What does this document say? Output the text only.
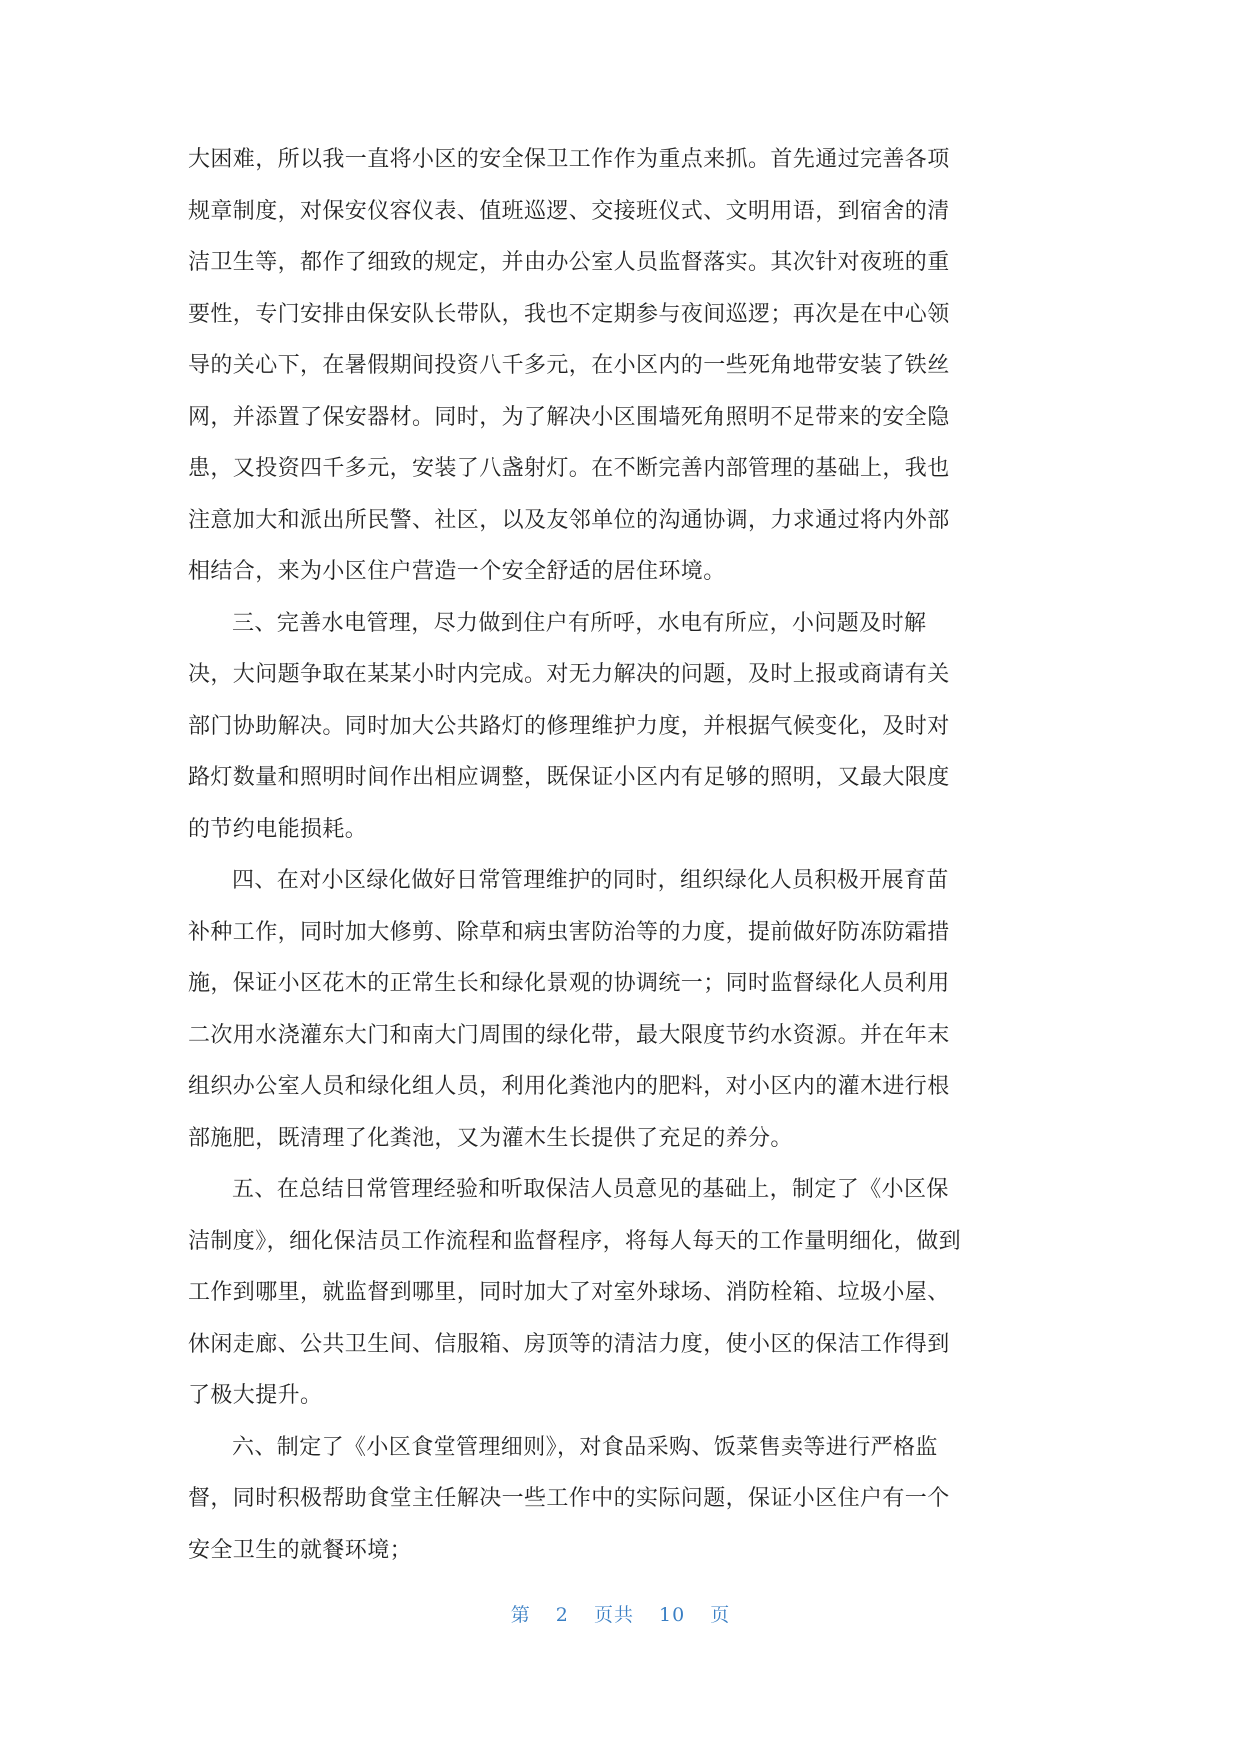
大困难，所以我一直将小区的安全保卫工作作为重点来抓。首先通过完善各项
规章制度，对保安仪容仪表、值班巡逻、交接班仪式、文明用语，到宿舍的清
洁卫生等，都作了细致的规定，并由办公室人员监督落实。其次针对夜班的重
要性，专门安排由保安队长带队，我也不定期参与夜间巡逻；再次是在中心领
导的关心下，在暑假期间投资八千多元，在小区内的一些死角地带安装了铁丝
网，并添置了保安器材。同时，为了解决小区围墙死角照明不足带来的安全隐
患，又投资四千多元，安装了八盏射灯。在不断完善内部管理的基础上，我也
注意加大和派出所民警、社区，以及友邻单位的沟通协调，力求通过将内外部
相结合，来为小区住户营造一个安全舒适的居住环境。
三、完善水电管理，尽力做到住户有所呼，水电有所应，小问题及时解
决，大问题争取在某某小时内完成。对无力解决的问题，及时上报或商请有关
部门协助解决。同时加大公共路灯的修理维护力度，并根据气候变化，及时对
路灯数量和照明时间作出相应调整，既保证小区内有足够的照明，又最大限度
的节约电能损耗。
四、在对小区绿化做好日常管理维护的同时，组织绿化人员积极开展育苗
补种工作，同时加大修剪、除草和病虫害防治等的力度，提前做好防冻防霜措
施，保证小区花木的正常生长和绿化景观的协调统一；同时监督绿化人员利用
二次用水浇灌东大门和南大门周围的绿化带，最大限度节约水资源。并在年末
组织办公室人员和绿化组人员，利用化粪池内的肥料，对小区内的灌木进行根
部施肥，既清理了化粪池，又为灌木生长提供了充足的养分。
五、在总结日常管理经验和听取保洁人员意见的基础上，制定了《小区保
洁制度》，细化保洁员工作流程和监督程序，将每人每天的工作量明细化，做到
工作到哪里，就监督到哪里，同时加大了对室外球场、消防栓箱、垃圾小屋、
休闲走廊、公共卫生间、信服箱、房顶等的清洁力度，使小区的保洁工作得到
了极大提升。
六、制定了《小区食堂管理细则》，对食品采购、饭菜售卖等进行严格监
督，同时积极帮助食堂主任解决一些工作中的实际问题，保证小区住户有一个
安全卫生的就餐环境；
第 2 页共 10 页
